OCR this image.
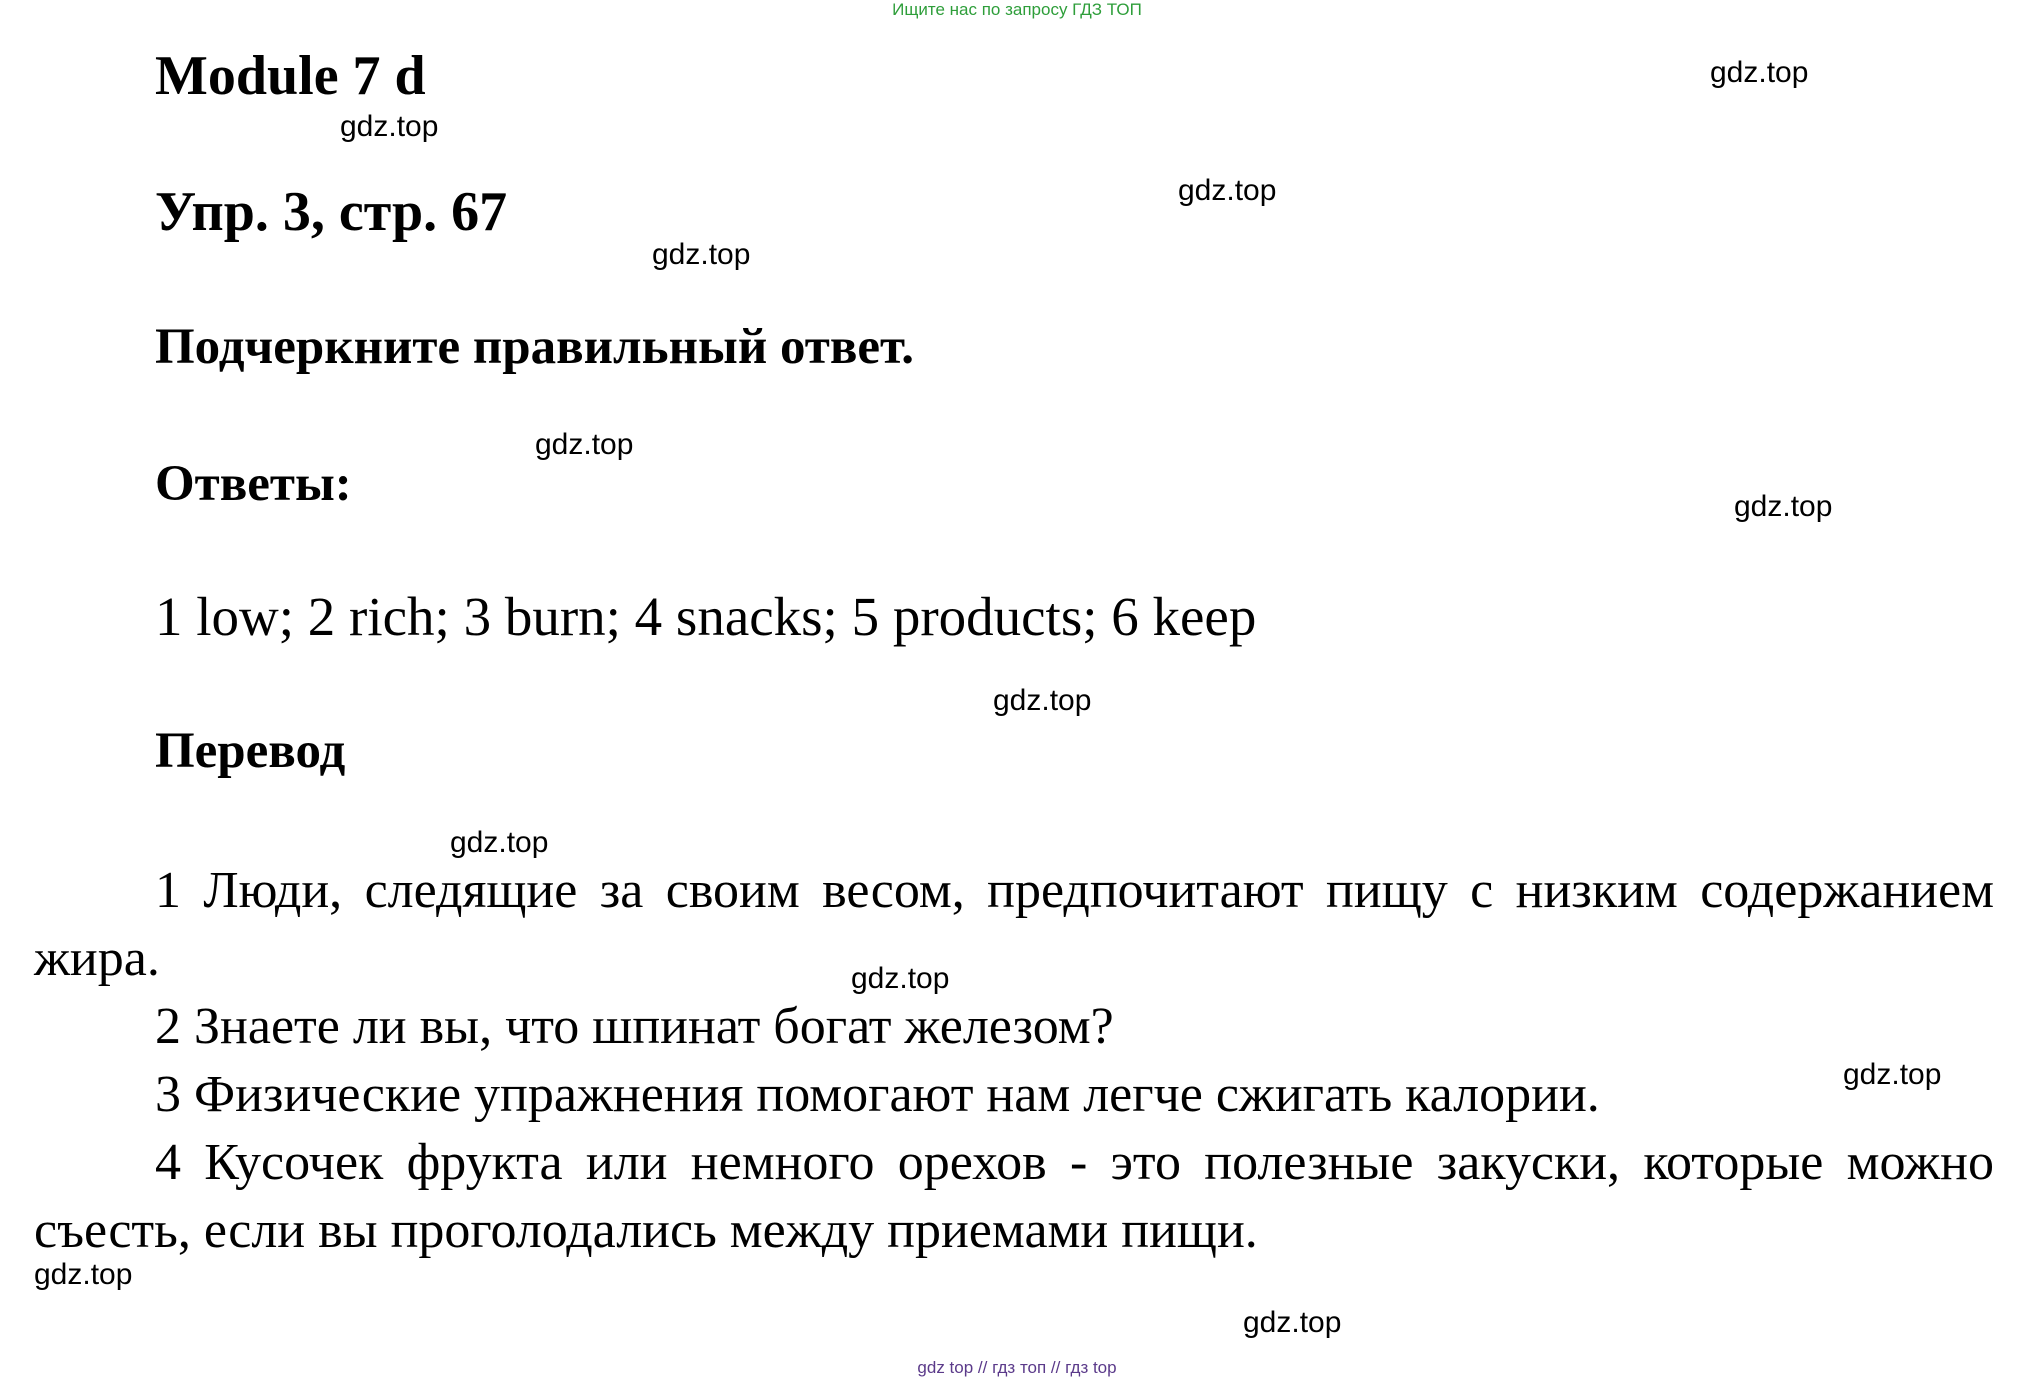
Ищите нас по запросу ГДЗ ТОП
Module 7 d
Упр. 3, стр. 67
Подчеркните правильный ответ.
Ответы:
1 low; 2 rich; 3 burn; 4 snacks; 5 products; 6 keep
Перевод

1 Люди, следящие за своим весом, предпочитают пищу с низким содержанием жира.

2 Знаете ли вы, что шпинат богат железом?

3 Физические упражнения помогают нам легче сжигать калории.

4 Кусочек фрукта или немного орехов - это полезные закуски, которые можно съесть, если вы проголодались между приемами пищи.

gdz.top
gdz.top
gdz.top
gdz.top
gdz.top
gdz.top
gdz.top
gdz.top
gdz.top
gdz.top
gdz.top
gdz.top
gdz top // гдз топ // гдз top
